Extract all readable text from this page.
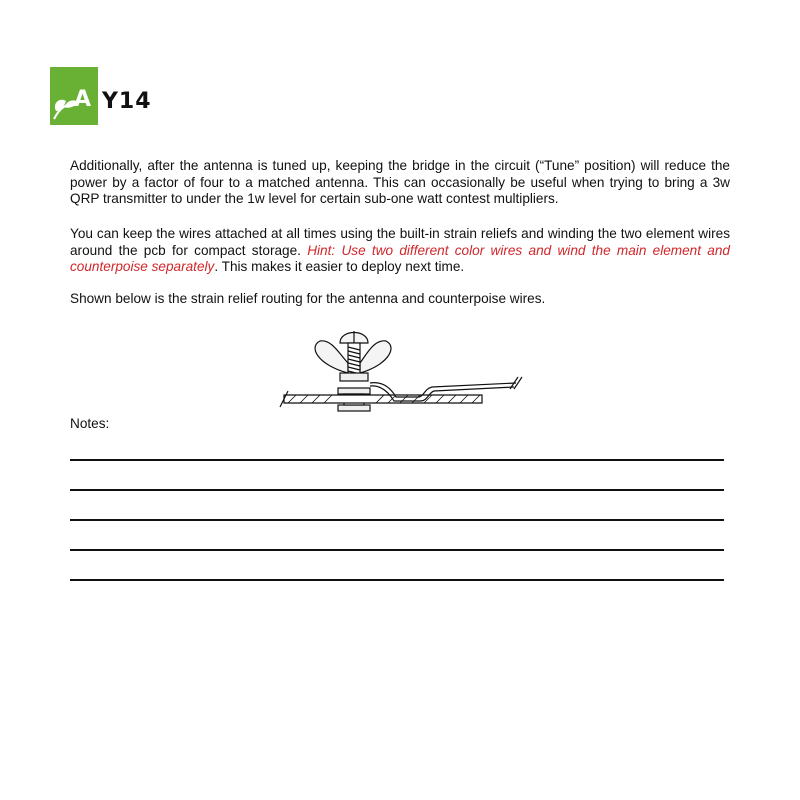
A Y14

Additionally, after the antenna is tuned up, keeping the bridge in the circuit (“Tune” position) will reduce the power by a factor of four to a matched antenna. This can occasionally be useful when trying to bring a 3w QRP transmitter to under the 1w level for certain sub-one watt contest multipliers.

You can keep the wires attached at all times using the built-in strain reliefs and winding the two element wires around the pcb for compact storage. Hint: Use two different color wires and wind the main element and counterpoise separately. This makes it easier to deploy next time.

Shown below is the strain relief routing for the antenna and counterpoise wires.

Notes:
